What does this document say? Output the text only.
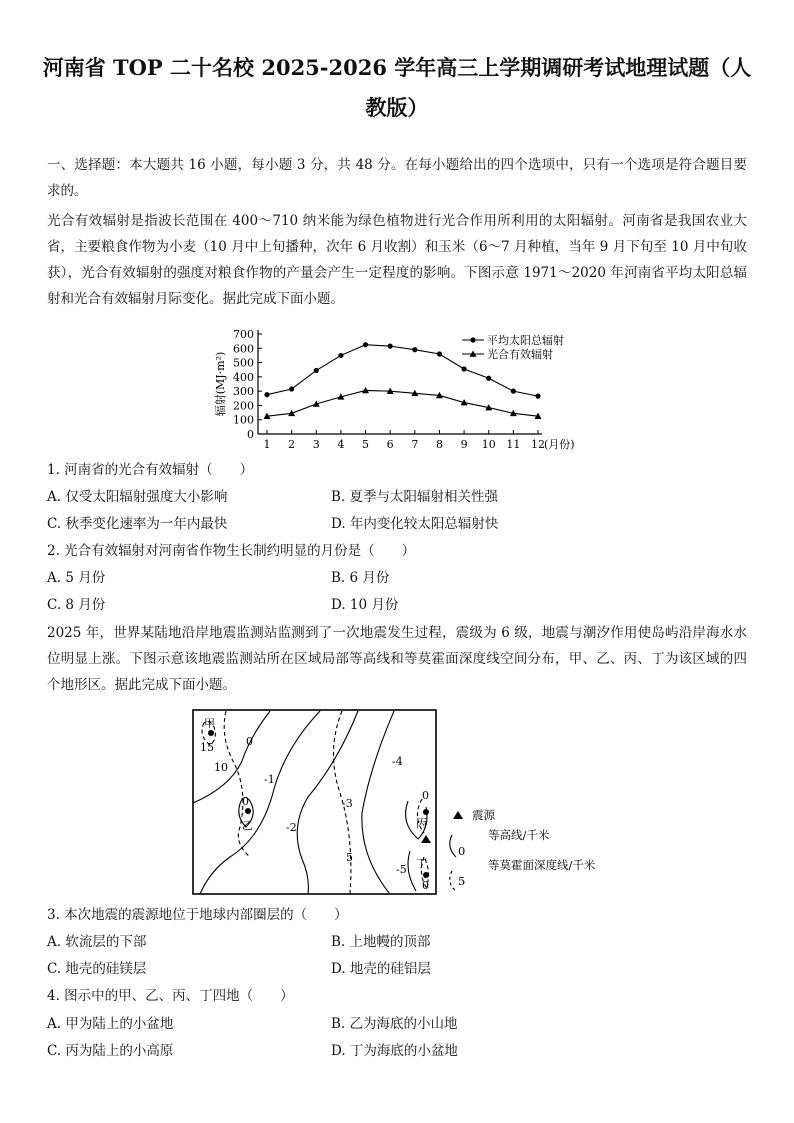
河南省 TOP 二十名校 2025-2026 学年高三上学期调研考试地理试题（人教版）

一、选择题：本大题共 16 小题，每小题 3 分，共 48 分。在每小题给出的四个选项中，只有一个选项是符合题目要求的。

光合有效辐射是指波长范围在 400～710 纳米能为绿色植物进行光合作用所利用的太阳辐射。河南省是我国农业大省，主要粮食作物为小麦（10 月中上旬播种，次年 6 月收割）和玉米（6～7 月种植，当年 9 月下旬至 10 月中旬收获），光合有效辐射的强度对粮食作物的产量会产生一定程度的影响。下图示意 1971～2020 年河南省平均太阳总辐射和光合有效辐射月际变化。据此完成下面小题。

0
100
200
300
400
500
600
700
1 2 3 4 5 6 7 8 9 10 11 12 (月份)
辐射(MJ·m²)
平均太阳总辐射
光合有效辐射
1. 河南省的光合有效辐射（　　）
A. 仅受太阳辐射强度大小影响	B. 夏季与太阳辐射相关性强
C. 秋季变化速率为一年内最快	D. 年内变化较太阳总辐射快
2. 光合有效辐射对河南省作物生长制约明显的月份是（　　）
A. 5 月份	B. 6 月份
C. 8 月份	D. 10 月份

2025 年，世界某陆地沿岸地震监测站监测到了一次地震发生过程，震级为 6 级，地震与潮汐作用使岛屿沿岸海水水位明显上涨。下图示意该地震监测站所在区域局部等高线和等莫霍面深度线空间分布，甲、乙、丙、丁为该区域的四个地形区。据此完成下面小题。

甲
乙	丙
丁
15
10
0
0
-1
-2
-3
-4
5
-5
0
0
震源
0
等高线/千米
5
等莫霍面深度线/千米
3. 本次地震的震源地位于地球内部圈层的（　　）
A. 软流层的下部	B. 上地幔的顶部
C. 地壳的硅镁层	D. 地壳的硅铝层
4. 图示中的甲、乙、丙、丁四地（　　）
A. 甲为陆上的小盆地	B. 乙为海底的小山地
C. 丙为陆上的小高原	D. 丁为海底的小盆地
